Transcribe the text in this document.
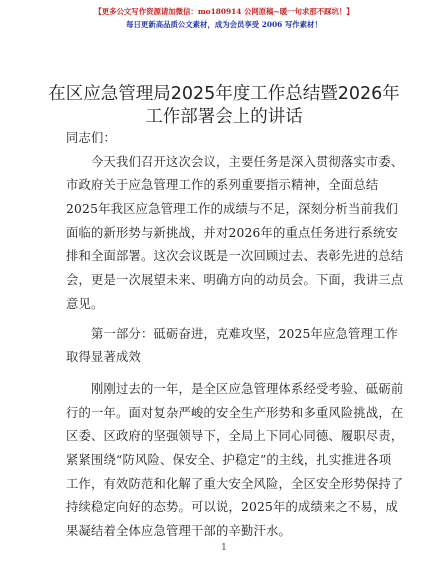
【更多公文写作资源请加微信：mo180914 公网原稿~暖一句求那不踩坑！】
每日更新高品质公文素材，成为会员享受 2006 写作素材！
在区应急管理局2025年度工作总结暨2026年
工作部署会上的讲话
同志们：
　　今天我们召开这次会议，主要任务是深入贯彻落实市委、
市政府关于应急管理工作的系列重要指示精神，全面总结
2025年我区应急管理工作的成绩与不足，深刻分析当前我们
面临的新形势与新挑战，并对2026年的重点任务进行系统安
排和全面部署。这次会议既是一次回顾过去、表彰先进的总结
会，更是一次展望未来、明确方向的动员会。下面，我讲三点
意见。
　　第一部分：砥砺奋进，克难攻坚，2025年应急管理工作
取得显著成效
　　刚刚过去的一年，是全区应急管理体系经受考验、砥砺前
行的一年。面对复杂严峻的安全生产形势和多重风险挑战，在
区委、区政府的坚强领导下，全局上下同心同德、履职尽责，
紧紧围绕“防风险、保安全、护稳定”的主线，扎实推进各项
工作，有效防范和化解了重大安全风险，全区安全形势保持了
持续稳定向好的态势。可以说，2025年的成绩来之不易，成
果凝结着全体应急管理干部的辛勤汗水。
1
